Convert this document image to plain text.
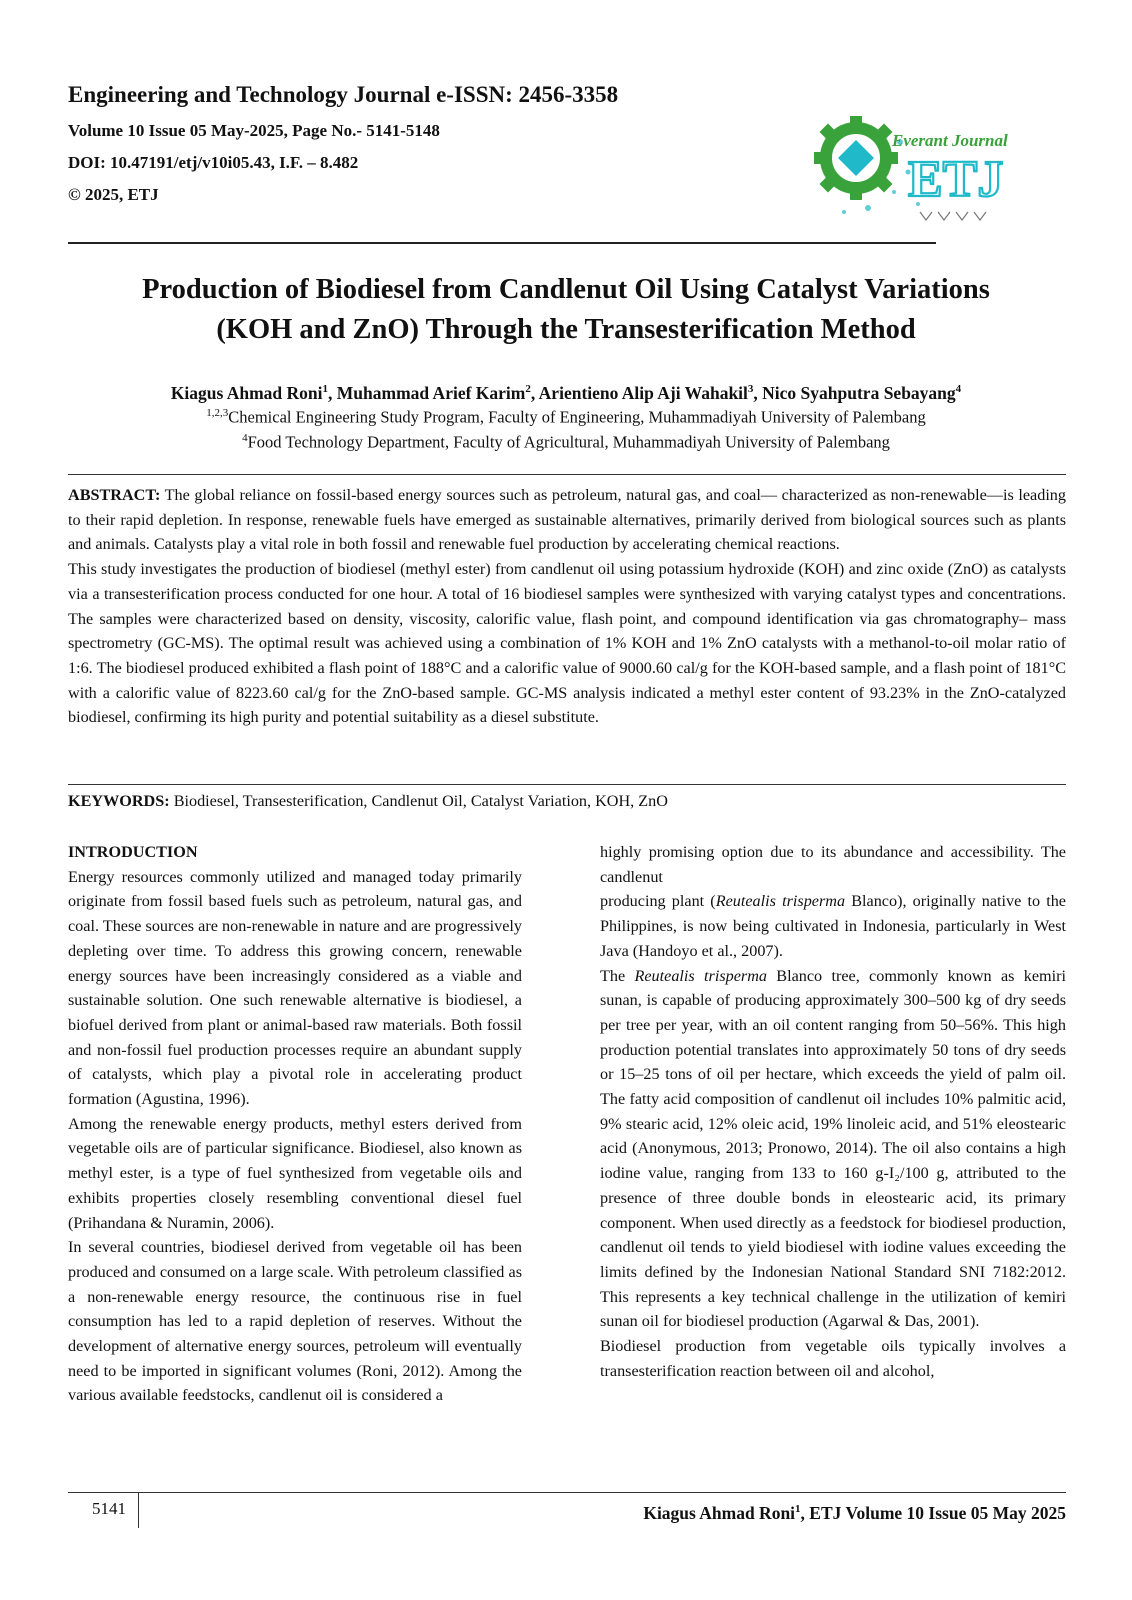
Engineering and Technology Journal e-ISSN: 2456-3358
Volume 10 Issue 05 May-2025, Page No.- 5141-5148
DOI: 10.47191/etj/v10i05.43, I.F. – 8.482
© 2025, ETJ
Everant Journal
ETJ
Production of Biodiesel from Candlenut Oil Using Catalyst Variations
(KOH and ZnO) Through the Transesterification Method
Kiagus Ahmad Roni$^1$, Muhammad Arief Karim$^2$, Arientieno Alip Aji Wahakil$^3$, Nico Syahputra Sebayang$^4$
$^{1,2,3}$Chemical Engineering Study Program, Faculty of Engineering, Muhammadiyah University of Palembang
$^4$Food Technology Department, Faculty of Agricultural, Muhammadiyah University of Palembang

ABSTRACT: The global reliance on fossil-based energy sources such as petroleum, natural gas, and coal— characterized as non-renewable—is leading to their rapid depletion. In response, renewable fuels have emerged as sustainable alternatives, primarily derived from biological sources such as plants and animals. Catalysts play a vital role in both fossil and renewable fuel production by accelerating chemical reactions.

This study investigates the production of biodiesel (methyl ester) from candlenut oil using potassium hydroxide (KOH) and zinc oxide (ZnO) as catalysts via a transesterification process conducted for one hour. A total of 16 biodiesel samples were synthesized with varying catalyst types and concentrations. The samples were characterized based on density, viscosity, calorific value, flash point, and compound identification via gas chromatography– mass spectrometry (GC-MS). The optimal result was achieved using a combination of 1% KOH and 1% ZnO catalysts with a methanol-to-oil molar ratio of 1:6. The biodiesel produced exhibited a flash point of 188°C and a calorific value of 9000.60 cal/g for the KOH-based sample, and a flash point of 181°C with a calorific value of 8223.60 cal/g for the ZnO-based sample. GC-MS analysis indicated a methyl ester content of 93.23% in the ZnO-catalyzed biodiesel, confirming its high purity and potential suitability as a diesel substitute.

KEYWORDS: Biodiesel, Transesterification, Candlenut Oil, Catalyst Variation, KOH, ZnO
INTRODUCTION

Energy resources commonly utilized and managed today primarily originate from fossil based fuels such as petroleum, natural gas, and coal. These sources are non-renewable in nature and are progressively depleting over time. To address this growing concern, renewable energy sources have been increasingly considered as a viable and sustainable solution. One such renewable alternative is biodiesel, a biofuel derived from plant or animal-based raw materials. Both fossil and non-fossil fuel production processes require an abundant supply of catalysts, which play a pivotal role in accelerating product formation (Agustina, 1996).

Among the renewable energy products, methyl esters derived from vegetable oils are of particular significance. Biodiesel, also known as methyl ester, is a type of fuel synthesized from vegetable oils and exhibits properties closely resembling conventional diesel fuel (Prihandana & Nuramin, 2006).

In several countries, biodiesel derived from vegetable oil has been produced and consumed on a large scale. With petroleum classified as a non-renewable energy resource, the continuous rise in fuel consumption has led to a rapid depletion of reserves. Without the development of alternative energy sources, petroleum will eventually need to be imported in significant volumes (Roni, 2012). Among the various available feedstocks, candlenut oil is considered a

highly promising option due to its abundance and accessibility. The candlenut

producing plant (Reutealis trisperma Blanco), originally native to the Philippines, is now being cultivated in Indonesia, particularly in West Java (Handoyo et al., 2007).

The Reutealis trisperma Blanco tree, commonly known as kemiri sunan, is capable of producing approximately 300–500 kg of dry seeds per tree per year, with an oil content ranging from 50–56%. This high production potential translates into approximately 50 tons of dry seeds or 15–25 tons of oil per hectare, which exceeds the yield of palm oil. The fatty acid composition of candlenut oil includes 10% palmitic acid, 9% stearic acid, 12% oleic acid, 19% linoleic acid, and 51% eleostearic acid (Anonymous, 2013; Pronowo, 2014). The oil also contains a high iodine value, ranging from 133 to 160 g-I₂/100 g, attributed to the presence of three double bonds in eleostearic acid, its primary component. When used directly as a feedstock for biodiesel production, candlenut oil tends to yield biodiesel with iodine values exceeding the limits defined by the Indonesian National Standard SNI 7182:2012. This represents a key technical challenge in the utilization of kemiri sunan oil for biodiesel production (Agarwal & Das, 2001).

Biodiesel production from vegetable oils typically involves a transesterification reaction between oil and alcohol,

5141	Kiagus Ahmad Roni$^1$, ETJ Volume 10 Issue 05 May 2025
